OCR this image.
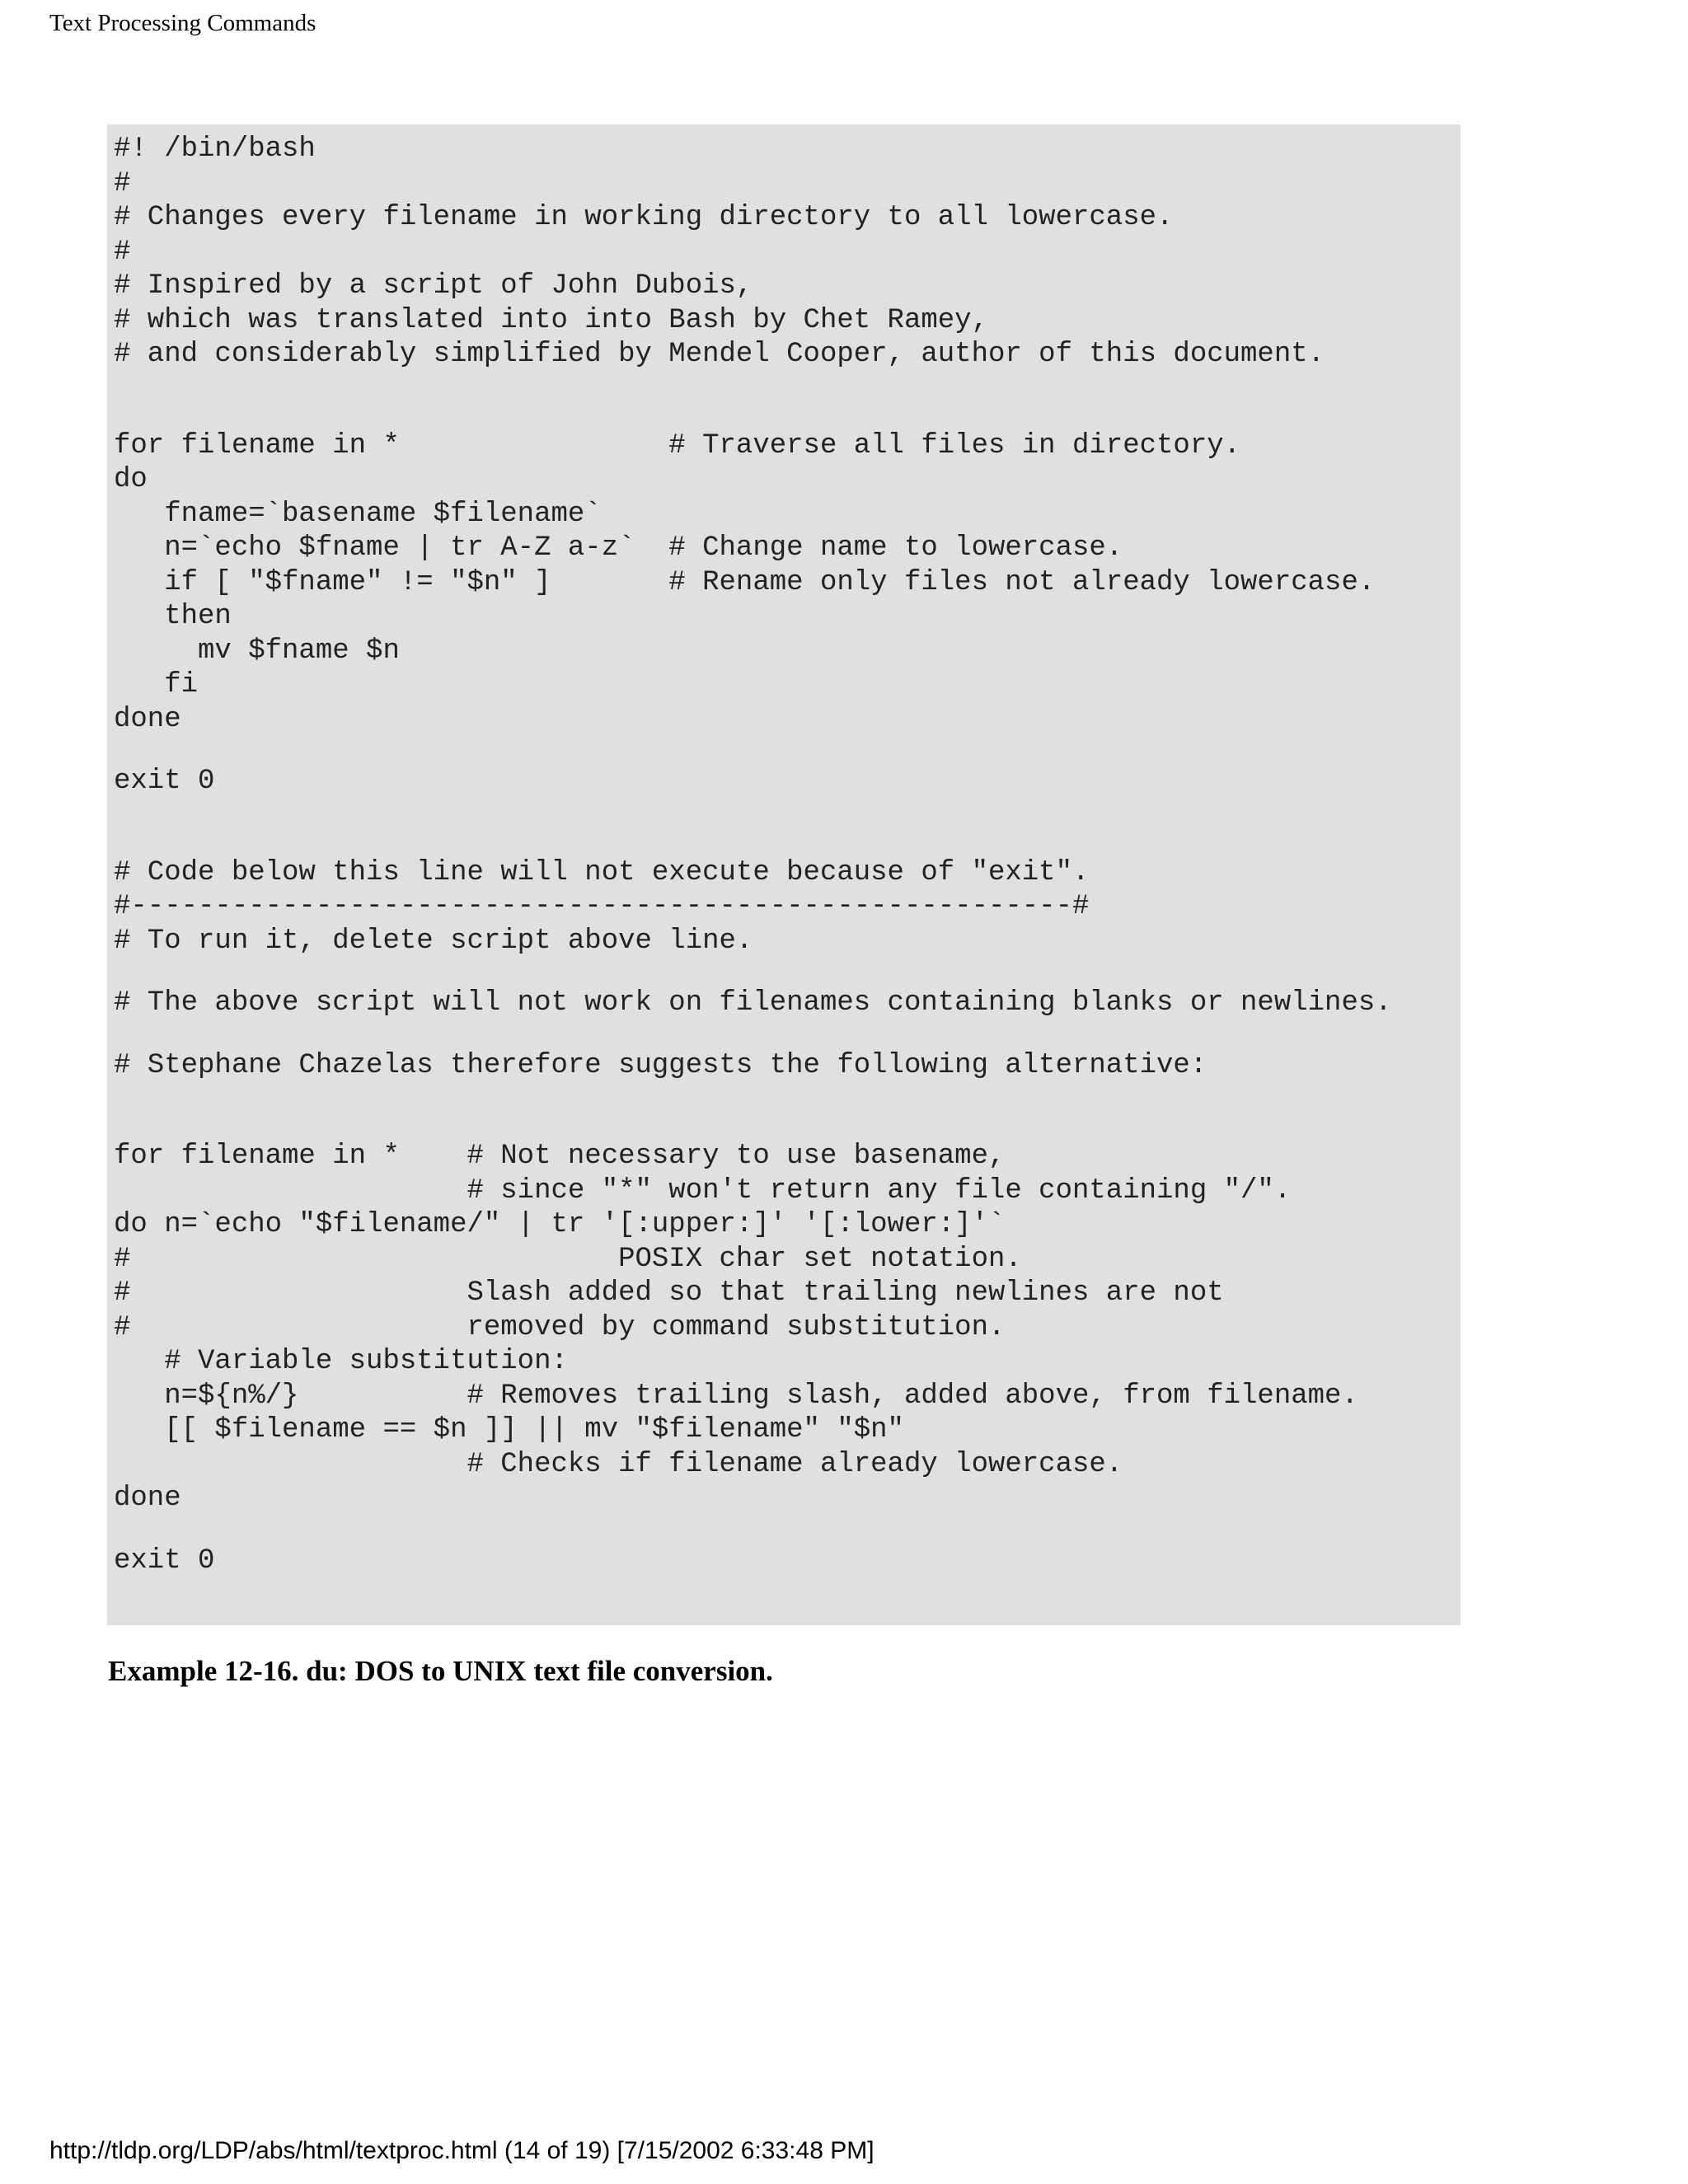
Text Processing Commands
#! /bin/bash
#
# Changes every filename in working directory to all lowercase.
#
# Inspired by a script of John Dubois,
# which was translated into into Bash by Chet Ramey,
# and considerably simplified by Mendel Cooper, author of this document.
for filename in *                # Traverse all files in directory.
do
fname=`basename $filename`
n=`echo $fname | tr A-Z a-z`  # Change name to lowercase.
if [ "$fname" != "$n" ]       # Rename only files not already lowercase.
then
mv $fname $n
fi
done
exit 0
# Code below this line will not execute because of "exit".
#--------------------------------------------------------#
# To run it, delete script above line.
# The above script will not work on filenames containing blanks or newlines.
# Stephane Chazelas therefore suggests the following alternative:
for filename in *    # Not necessary to use basename,
# since "*" won't return any file containing "/".
do n=`echo "$filename/" | tr '[:upper:]' '[:lower:]'`
#                             POSIX char set notation.
#                    Slash added so that trailing newlines are not
#                    removed by command substitution.
# Variable substitution:
n=${n%/}          # Removes trailing slash, added above, from filename.
[[ $filename == $n ]] || mv "$filename" "$n"
# Checks if filename already lowercase.
done
exit 0
Example 12-16. du: DOS to UNIX text file conversion.
http://tldp.org/LDP/abs/html/textproc.html (14 of 19) [7/15/2002 6:33:48 PM]
